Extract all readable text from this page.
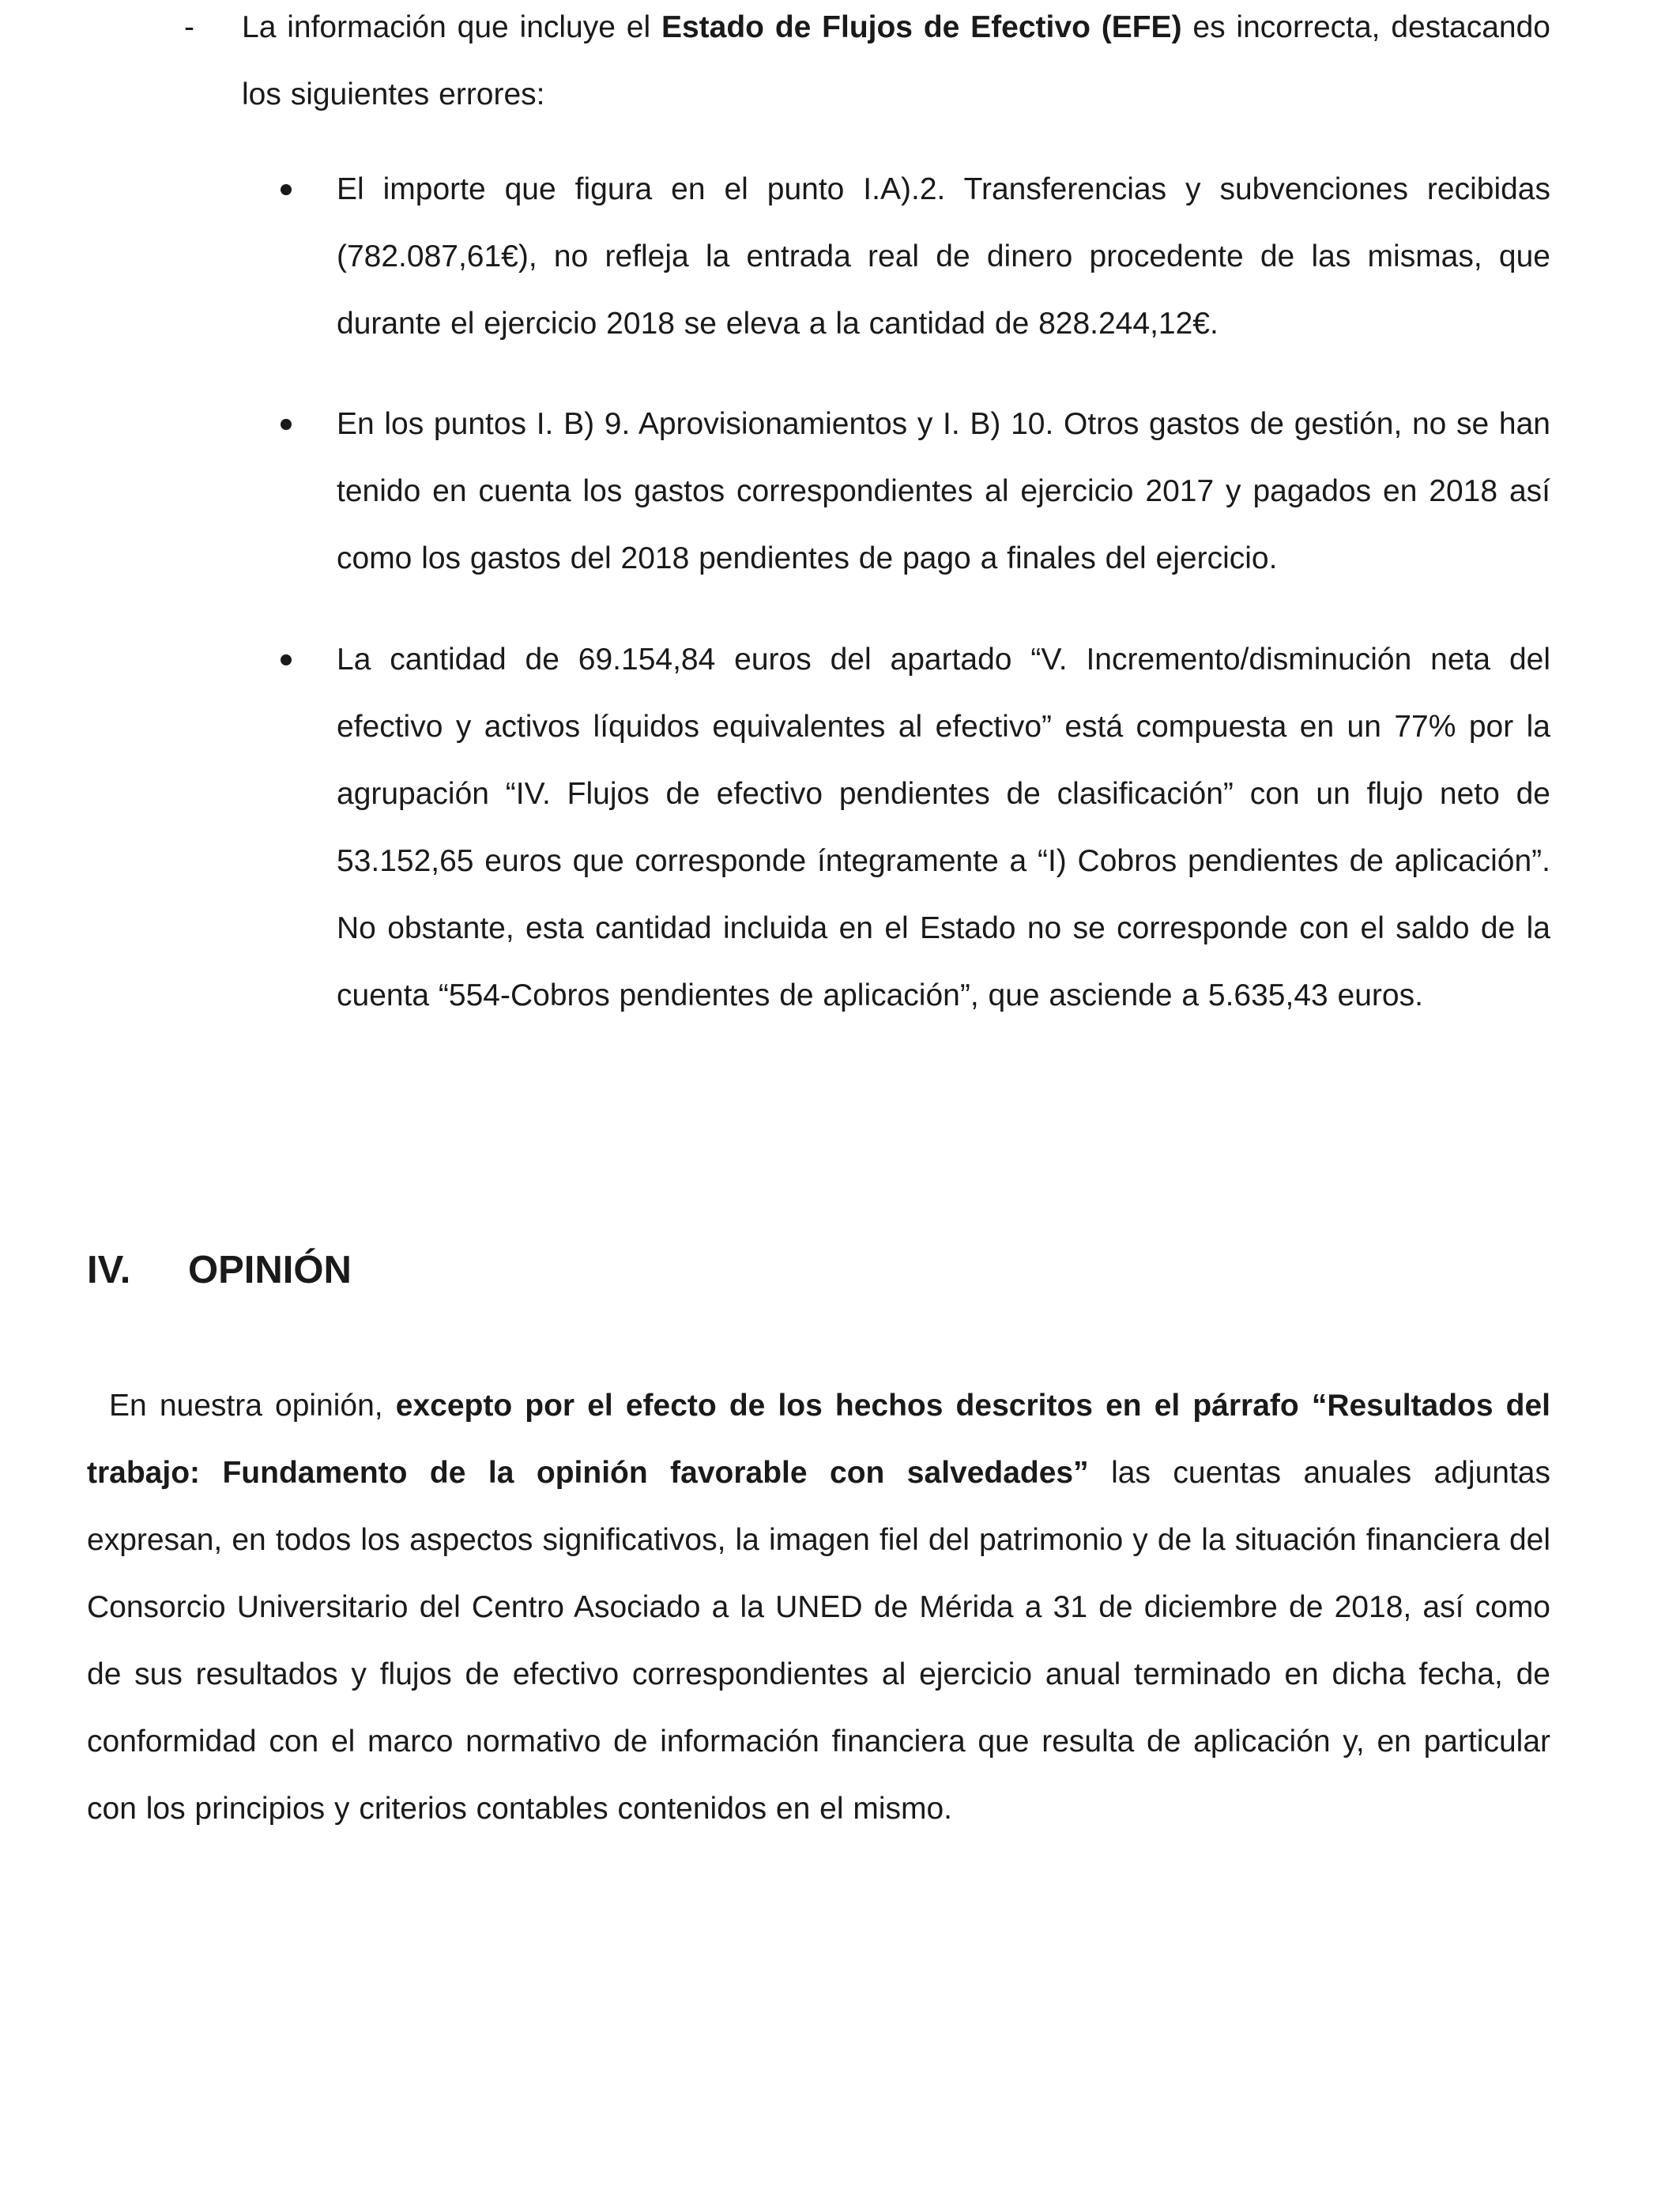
- La información que incluye el Estado de Flujos de Efectivo (EFE) es incorrecta, destacando los siguientes errores:
El importe que figura en el punto I.A).2. Transferencias y subvenciones recibidas (782.087,61€), no refleja la entrada real de dinero procedente de las mismas, que durante el ejercicio 2018 se eleva a la cantidad de 828.244,12€.
En los puntos I. B) 9. Aprovisionamientos y I. B) 10. Otros gastos de gestión, no se han tenido en cuenta los gastos correspondientes al ejercicio 2017 y pagados en 2018 así como los gastos del 2018 pendientes de pago a finales del ejercicio.
La cantidad de 69.154,84 euros del apartado “V. Incremento/disminución neta del efectivo y activos líquidos equivalentes al efectivo” está compuesta en un 77% por la agrupación “IV. Flujos de efectivo pendientes de clasificación” con un flujo neto de 53.152,65 euros que corresponde íntegramente a “I) Cobros pendientes de aplicación”. No obstante, esta cantidad incluida en el Estado no se corresponde con el saldo de la cuenta “554-Cobros pendientes de aplicación”, que asciende a 5.635,43 euros.
IV. OPINIÓN
En nuestra opinión, excepto por el efecto de los hechos descritos en el párrafo “Resultados del trabajo: Fundamento de la opinión favorable con salvedades” las cuentas anuales adjuntas expresan, en todos los aspectos significativos, la imagen fiel del patrimonio y de la situación financiera del Consorcio Universitario del Centro Asociado a la UNED de Mérida a 31 de diciembre de 2018, así como de sus resultados y flujos de efectivo correspondientes al ejercicio anual terminado en dicha fecha, de conformidad con el marco normativo de información financiera que resulta de aplicación y, en particular con los principios y criterios contables contenidos en el mismo.
